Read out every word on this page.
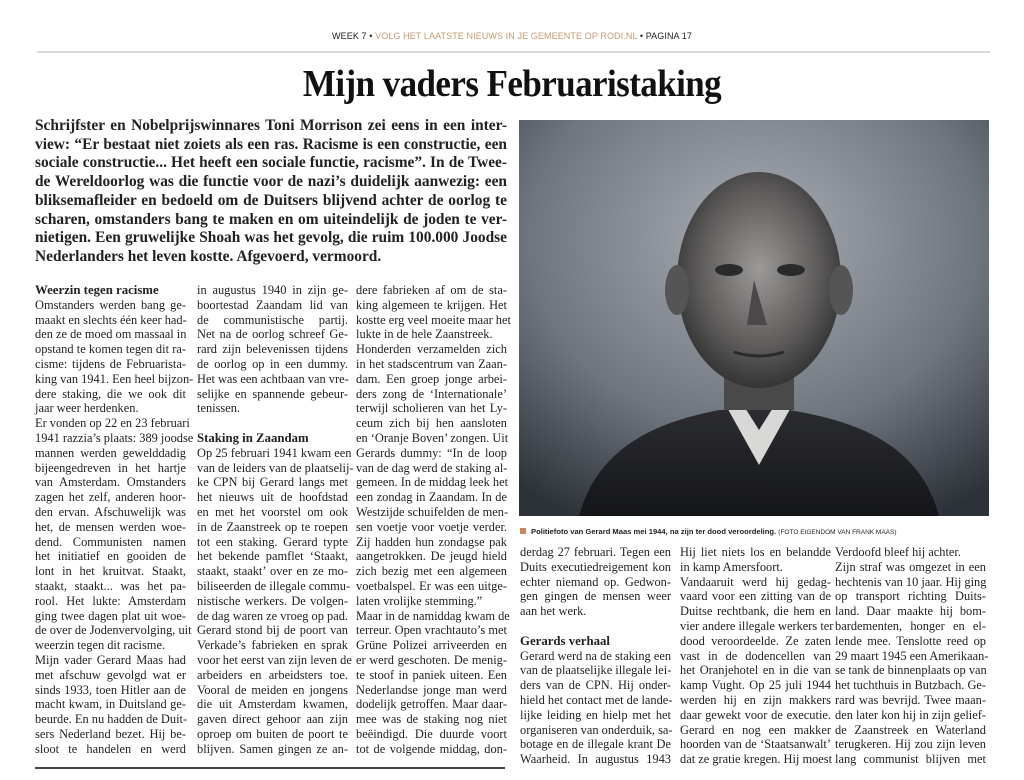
WEEK 7 • VOLG HET LAATSTE NIEUWS IN JE GEMEENTE OP RODI.NL • PAGINA 17
Mijn vaders Februaristaking
Schrijfster en Nobelprijswinnares Toni Morrison zei eens in een inter-
view: “Er bestaat niet zoiets als een ras. Racisme is een constructie, een
sociale constructie... Het heeft een sociale functie, racisme”. In de Twee-
de Wereldoorlog was die functie voor de nazi’s duidelijk aanwezig: een
bliksemafleider en bedoeld om de Duitsers blijvend achter de oorlog te
scharen, omstanders bang te maken en om uiteindelijk de joden te ver-
nietigen. Een gruwelijke Shoah was het gevolg, die ruim 100.000 Joodse
Nederlanders het leven kostte. Afgevoerd, vermoord.
Politiefoto van Gerard Maas mei 1944, na zijn ter dood veroordeling. (FOTO EIGENDOM VAN FRANK MAAS)
Weerzin tegen racisme
Omstanders werden bang ge-
maakt en slechts één keer had-
den ze de moed om massaal in
opstand te komen tegen dit ra-
cisme: tijdens de Februarista-
king van 1941. Een heel bijzon-
dere staking, die we ook dit
jaar weer herdenken.
Er vonden op 22 en 23 februari
1941 razzia’s plaats: 389 joodse
mannen werden gewelddadig
bijeengedreven in het hartje
van Amsterdam. Omstanders
zagen het zelf, anderen hoor-
den ervan. Afschuwelijk was
het, de mensen werden woe-
dend. Communisten namen
het initiatief en gooiden de
lont in het kruitvat. Staakt,
staakt, staakt... was het pa-
rool. Het lukte: Amsterdam
ging twee dagen plat uit woe-
de over de Jodenvervolging, uit
weerzin tegen dit racisme.
Mijn vader Gerard Maas had
met afschuw gevolgd wat er
sinds 1933, toen Hitler aan de
macht kwam, in Duitsland ge-
beurde. En nu hadden de Duit-
sers Nederland bezet. Hij be-
sloot te handelen en werd
in augustus 1940 in zijn ge-
boortestad Zaandam lid van
de communistische partij.
Net na de oorlog schreef Ge-
rard zijn belevenissen tijdens
de oorlog op in een dummy.
Het was een achtbaan van vre-
selijke en spannende gebeur-
tenissen.
Staking in Zaandam
Op 25 februari 1941 kwam een
van de leiders van de plaatselij-
ke CPN bij Gerard langs met
het nieuws uit de hoofdstad
en met het voorstel om ook
in de Zaanstreek op te roepen
tot een staking. Gerard typte
het bekende pamflet ‘Staakt,
staakt, staakt’ over en ze mo-
biliseerden de illegale commu-
nistische werkers. De volgen-
de dag waren ze vroeg op pad.
Gerard stond bij de poort van
Verkade’s fabrieken en sprak
voor het eerst van zijn leven de
arbeiders en arbeidsters toe.
Vooral de meiden en jongens
die uit Amsterdam kwamen,
gaven direct gehoor aan zijn
oproep om buiten de poort te
blijven. Samen gingen ze an-
dere fabrieken af om de sta-
king algemeen te krijgen. Het
kostte erg veel moeite maar het
lukte in de hele Zaanstreek.
Honderden verzamelden zich
in het stadscentrum van Zaan-
dam. Een groep jonge arbei-
ders zong de ‘Internationale’
terwijl scholieren van het Ly-
ceum zich bij hen aansloten
en ‘Oranje Boven’ zongen. Uit
Gerards dummy: “In de loop
van de dag werd de staking al-
gemeen. In de middag leek het
een zondag in Zaandam. In de
Westzijde schuifelden de men-
sen voetje voor voetje verder.
Zij hadden hun zondagse pak
aangetrokken. De jeugd hield
zich bezig met een algemeen
voetbalspel. Er was een uitge-
laten vrolijke stemming.”
Maar in de namiddag kwam de
terreur. Open vrachtauto’s met
Grüne Polizei arriveerden en
er werd geschoten. De menig-
te stoof in paniek uiteen. Een
Nederlandse jonge man werd
dodelijk getroffen. Maar daar-
mee was de staking nog niet
beëindigd. Die duurde voort
tot de volgende middag, don-
derdag 27 februari. Tegen een
Duits executiedreigement kon
echter niemand op. Gedwon-
gen gingen de mensen weer
aan het werk.
Gerards verhaal
Gerard werd na de staking een
van de plaatselijke illegale lei-
ders van de CPN. Hij onder-
hield het contact met de lande-
lijke leiding en hielp met het
organiseren van onderduik, sa-
botage en de illegale krant De
Waarheid. In augustus 1943
Hij liet niets los en belandde
in kamp Amersfoort.
Vandaaruit werd hij gedag-
vaard voor een zitting van de
Duitse rechtbank, die hem en
vier andere illegale werkers ter
dood veroordeelde. Ze zaten
vast in de dodencellen van
het Oranjehotel en in die van
kamp Vught. Op 25 juli 1944
werden hij en zijn makkers
daar gewekt voor de executie.
Gerard en nog een makker
hoorden van de ‘Staatsanwalt’
dat ze gratie kregen. Hij moest
Verdoofd bleef hij achter.
Zijn straf was omgezet in een
hechtenis van 10 jaar. Hij ging
op transport richting Duits-
land. Daar maakte hij bom-
bardementen, honger en el-
lende mee. Tenslotte reed op
29 maart 1945 een Amerikaan-
se tank de binnenplaats op van
het tuchthuis in Butzbach. Ge-
rard was bevrijd. Twee maan-
den later kon hij in zijn gelief-
de Zaanstreek en Waterland
terugkeren. Hij zou zijn leven
lang communist blijven met
